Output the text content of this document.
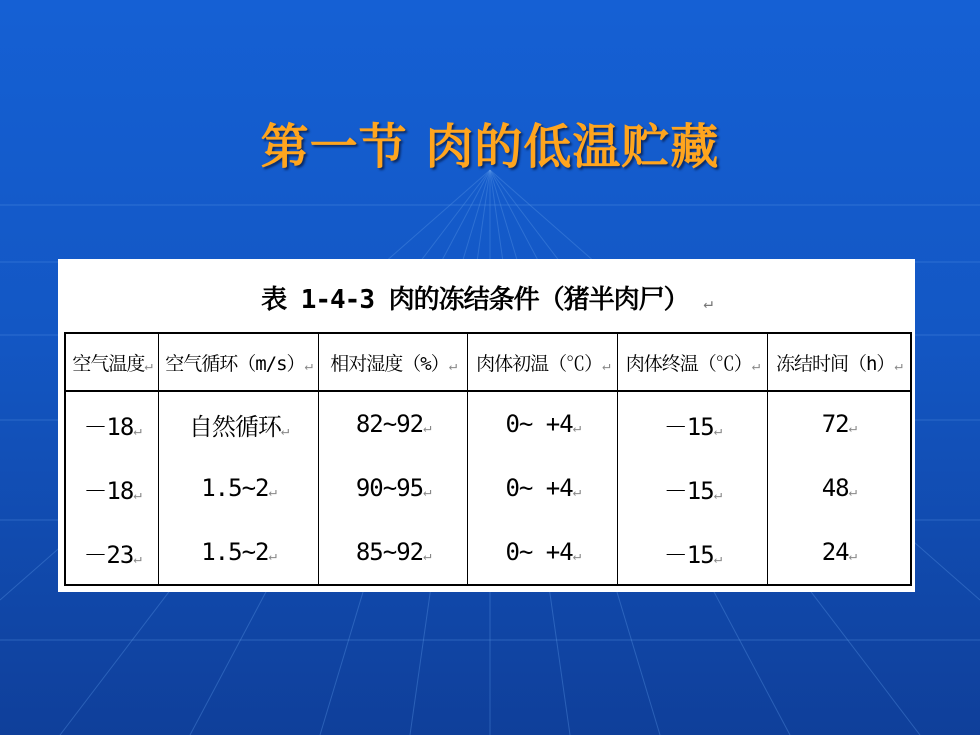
第一节 肉的低温贮藏
表 1-4-3 肉的冻结条件（猪半肉尸） ↵
空气温度↵	空气循环（m/s）↵	相对湿度（%）↵	肉体初温（℃）↵	肉体终温（℃）↵	冻结时间（h）↵
－18↵	自然循环↵	82~92↵	0~ +4↵	－15↵	72↵
－18↵	1.5~2↵	90~95↵	0~ +4↵	－15↵	48↵
－23↵	1.5~2↵	85~92↵	0~ +4↵	－15↵	24↵
